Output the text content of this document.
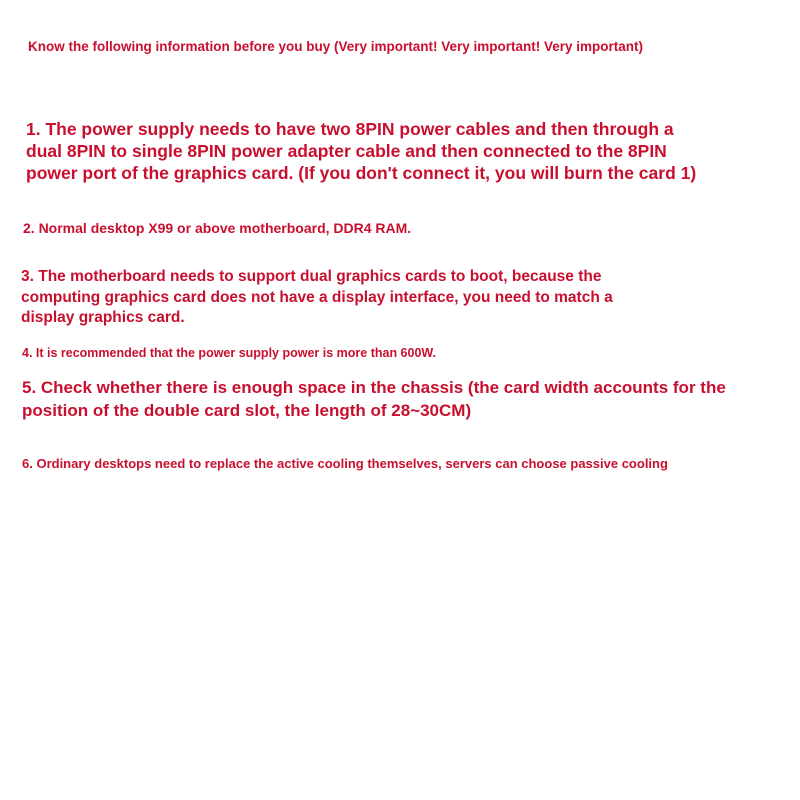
Know the following information before you buy (Very important! Very important! Very important)

1. The power supply needs to have two 8PIN power cables and then through a
dual 8PIN to single 8PIN power adapter cable and then connected to the 8PIN
power port of the graphics card. (If you don't connect it, you will burn the card 1)
2. Normal desktop X99 or above motherboard, DDR4 RAM.
3. The motherboard needs to support dual graphics cards to boot, because the
computing graphics card does not have a display interface, you need to match a
display graphics card.
4. It is recommended that the power supply power is more than 600W.
5. Check whether there is enough space in the chassis (the card width accounts for the
position of the double card slot, the length of 28~30CM)
6. Ordinary desktops need to replace the active cooling themselves, servers can choose passive cooling
